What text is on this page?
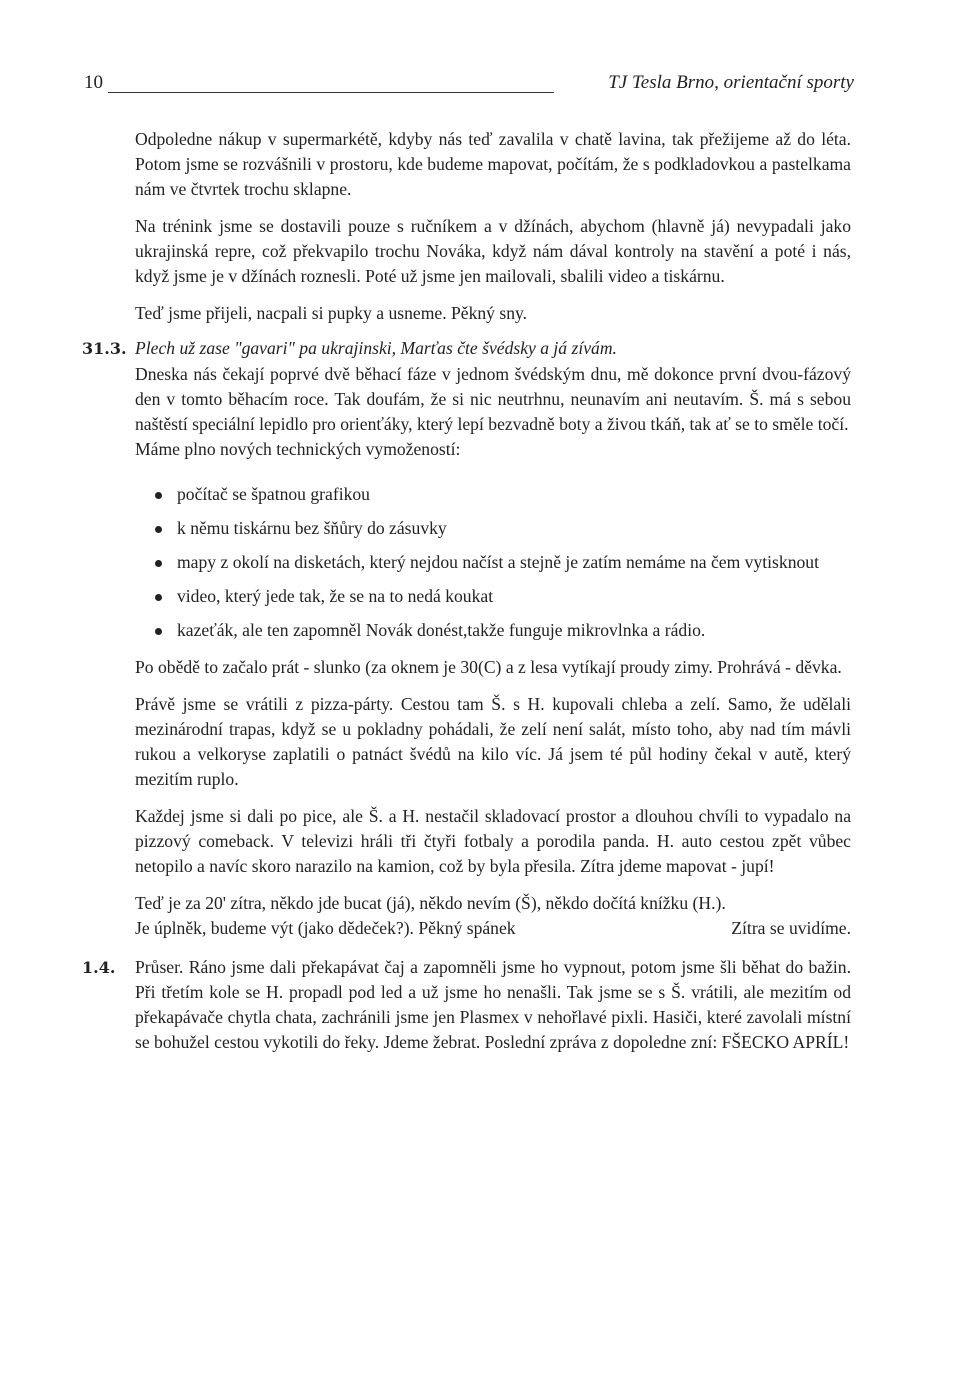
10	TJ Tesla Brno, orientační sporty

Odpoledne nákup v supermarkétě, kdyby nás teď zavalila v chatě lavina, tak přežijeme až do léta. Potom jsme se rozvášnili v prostoru, kde budeme mapovat, počítám, že s podkladovkou a pastelkama nám ve čtvrtek trochu sklapne.

Na trénink jsme se dostavili pouze s ručníkem a v džínách, abychom (hlavně já) nevypadali jako ukrajinská repre, což překvapilo trochu Nováka, když nám dával kontroly na stavění a poté i nás, když jsme je v džínách roznesli. Poté už jsme jen mailovali, sbalili video a tiskárnu.

Teď jsme přijeli, nacpali si pupky a usneme. Pěkný sny.

31.3. Plech už zase "gavari" pa ukrajinski, Marťas čte švédsky a já zívám.

Dneska nás čekají poprvé dvě běhací fáze v jednom švédským dnu, mě dokonce první dvou-fázový den v tomto běhacím roce. Tak doufám, že si nic neutrhnu, neunavím ani neutavím. Š. má s sebou naštěstí speciální lepidlo pro orienťáky, který lepí bezvadně boty a živou tkáň, tak ať se to směle točí.

Máme plno nových technických vymožeností:

počítač se špatnou grafikou
k němu tiskárnu bez šňůry do zásuvky
mapy z okolí na disketách, který nejdou načíst a stejně je zatím nemáme na čem vytisknout
video, který jede tak, že se na to nedá koukat
kazeťák, ale ten zapomněl Novák donést,takže funguje mikrovlnka a rádio.

Po obědě to začalo prát - slunko (za oknem je 30(C) a z lesa vytíkají proudy zimy. Prohrává - děvka.

Právě jsme se vrátili z pizza-párty. Cestou tam Š. s H. kupovali chleba a zelí. Samo, že udělali mezinárodní trapas, když se u pokladny pohádali, že zelí není salát, místo toho, aby nad tím mávli rukou a velkoryse zaplatili o patnáct švédů na kilo víc. Já jsem té půl hodiny čekal v autě, který mezitím ruplo.

Každej jsme si dali po pice, ale Š. a H. nestačil skladovací prostor a dlouhou chvíli to vypadalo na pizzový comeback. V televizi hráli tři čtyři fotbaly a porodila panda. H. auto cestou zpět vůbec netopilo a navíc skoro narazilo na kamion, což by byla přesila. Zítra jdeme mapovat - jupí!

Teď je za 20' zítra, někdo jde bucat (já), někdo nevím (Š), někdo dočítá knížku (H.).
Je úplněk, budeme výt (jako dědeček?). Pěkný spánek	Zítra se uvidíme.
1.4. Průser. Ráno jsme dali překapávat čaj a zapomněli jsme ho vypnout, potom jsme šli běhat do bažin. Při třetím kole se H. propadl pod led a už jsme ho nenašli. Tak jsme se s Š. vrátili, ale mezitím od překapávače chytla chata, zachránili jsme jen Plasmex v nehořlavé pixli. Hasiči, které zavolali místní se bohužel cestou vykotili do řeky. Jdeme žebrat. Poslední zpráva z dopoledne zní: FŠECKO APRÍL!
